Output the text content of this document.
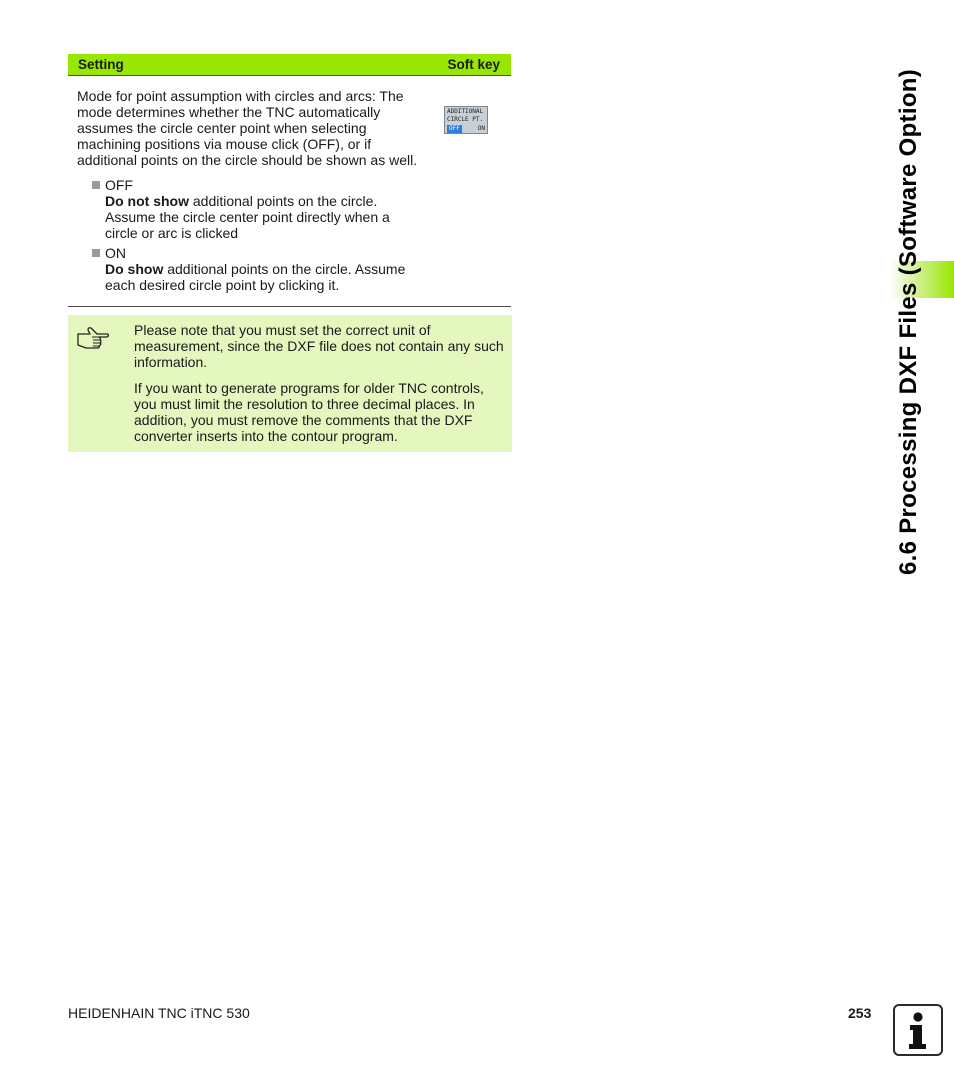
Setting	Soft key

Mode for point assumption with circles and arcs: The mode determines whether the TNC automatically assumes the circle center point when selecting machining positions via mouse click (OFF), or if additional points on the circle should be shown as well.

ADDITIONAL
CIRCLE PT.
OFF	ON
OFF
Do not show additional points on the circle. Assume the circle center point directly when a circle or arc is clicked
ON
Do show additional points on the circle. Assume each desired circle point by clicking it.

Please note that you must set the correct unit of measurement, since the DXF file does not contain any such information.

If you want to generate programs for older TNC controls, you must limit the resolution to three decimal places. In addition, you must remove the comments that the DXF converter inserts into the contour program.	6.6 Processing DXF Files (Software Option)
HEIDENHAIN TNC iTNC 530	253
